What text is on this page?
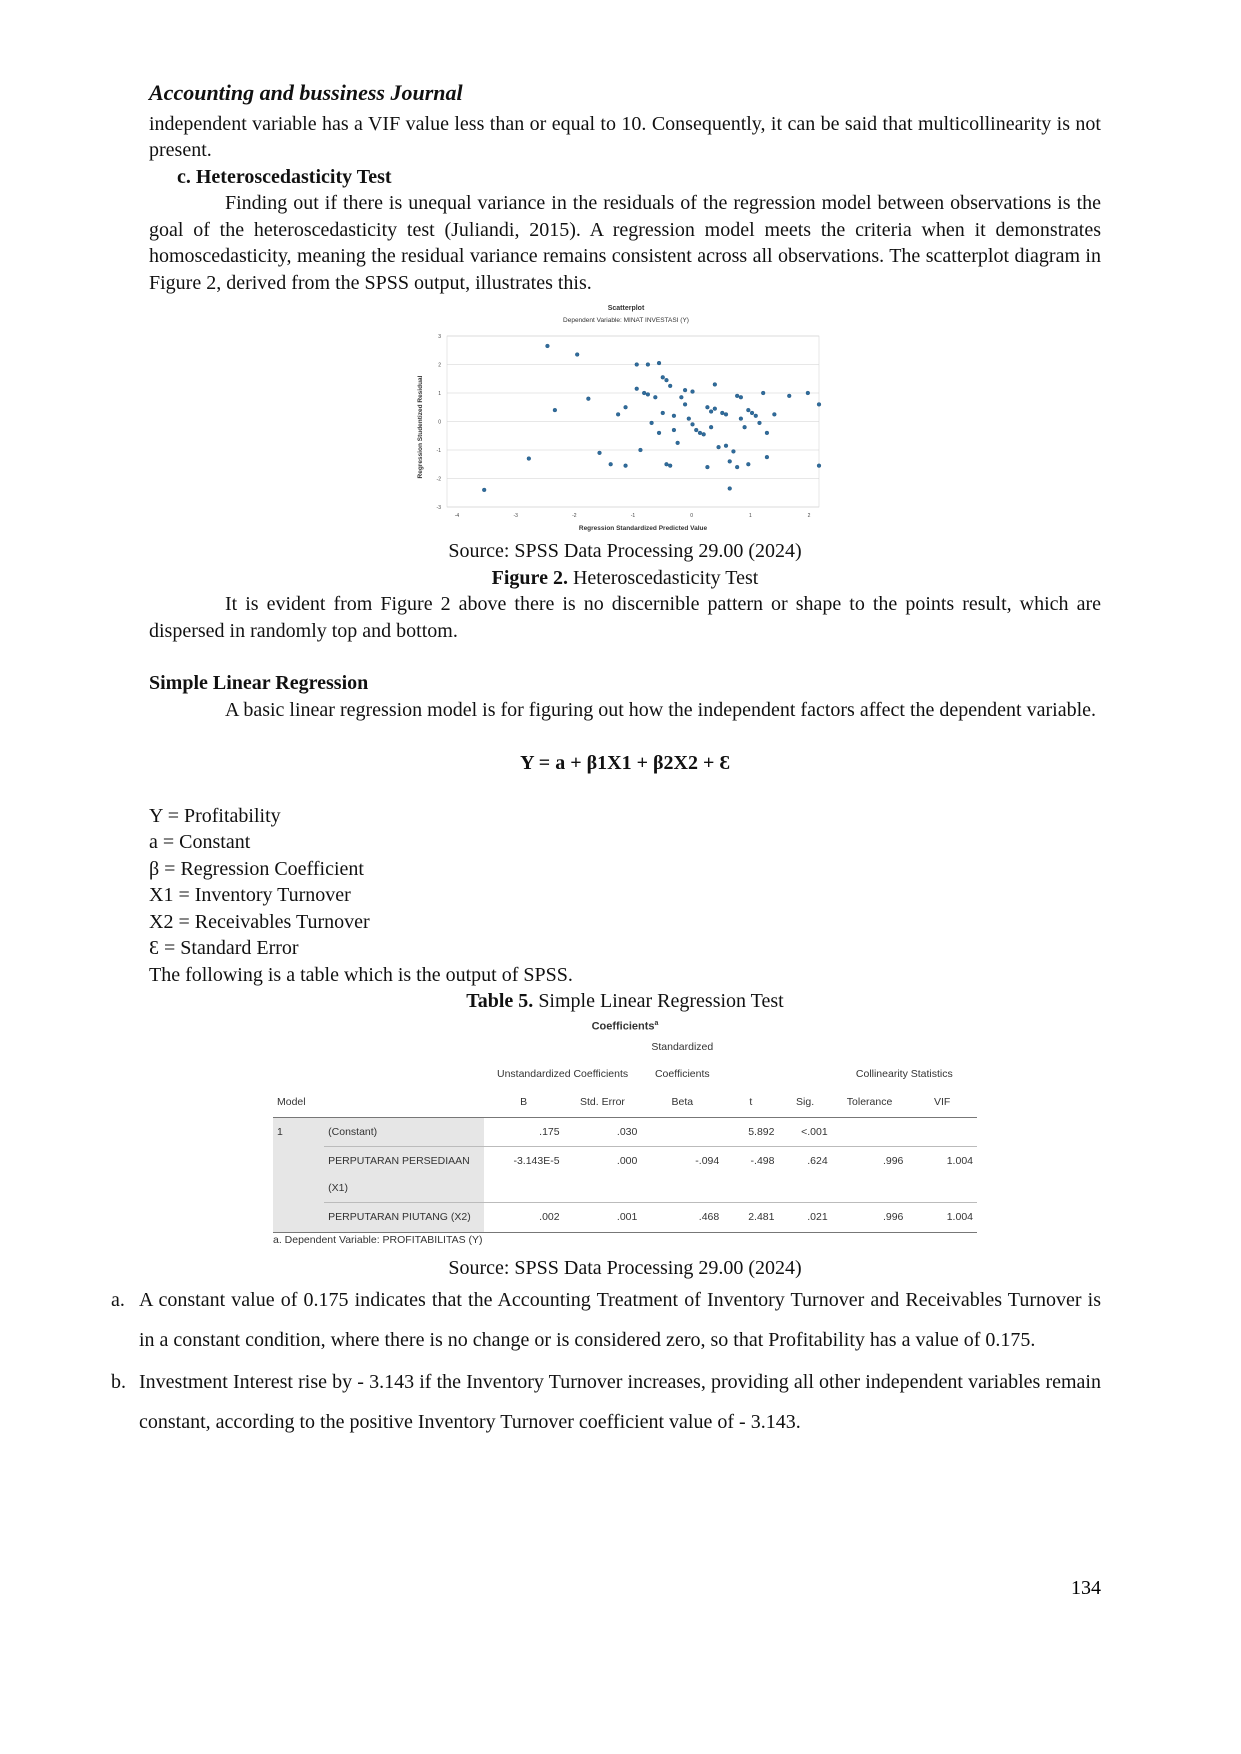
Accounting and bussiness Journal

independent variable has a VIF value less than or equal to 10. Consequently, it can be said that multicollinearity is not present.

c. Heteroscedasticity Test

Finding out if there is unequal variance in the residuals of the regression model between observations is the goal of the heteroscedasticity test (Juliandi, 2015). A regression model meets the criteria when it demonstrates homoscedasticity, meaning the residual variance remains consistent across all observations. The scatterplot diagram in Figure 2, derived from the SPSS output, illustrates this.

Scatterplot
Dependent Variable: MINAT INVESTASI (Y)
Regression Studentized Residual
Regression Standardized Predicted Value
3
2
1
0
-1
-2
-3
-4	-3	-2	-1	0	1	2

Source: SPSS Data Processing 29.00 (2024)

Figure 2. Heteroscedasticity Test

It is evident from Figure 2 above there is no discernible pattern or shape to the points result, which are dispersed in randomly top and bottom.

Simple Linear Regression

A basic linear regression model is for figuring out how the independent factors affect the dependent variable.

Y = a + β1X1 + β2X2 + Ɛ
Y = Profitability
a = Constant
β = Regression Coefficient
X1 = Inventory Turnover
X2 = Receivables Turnover
Ɛ = Standard Error
The following is a table which is the output of SPSS.

Table 5. Simple Linear Regression Test

Coefficients$^a$
		Unstandardized Coefficients		Standardized Coefficients			Collinearity Statistics	
Model		B	Std. Error	Beta	t	Sig.	Tolerance	VIF
1	(Constant)	.175	.030		5.892	<.001		
	PERPUTARAN PERSEDIAAN (X1)	-3.143E-5	.000	-.094	-.498	.624	.996	1.004
	PERPUTARAN PIUTANG (X2)	.002	.001	.468	2.481	.021	.996	1.004
a. Dependent Variable: PROFITABILITAS (Y)

Source: SPSS Data Processing 29.00 (2024)

a. A constant value of 0.175 indicates that the Accounting Treatment of Inventory Turnover and Receivables Turnover is in a constant condition, where there is no change or is considered zero, so that Profitability has a value of 0.175.
b. Investment Interest rise by - 3.143 if the Inventory Turnover increases, providing all other independent variables remain constant, according to the positive Inventory Turnover coefficient value of - 3.143.
134
